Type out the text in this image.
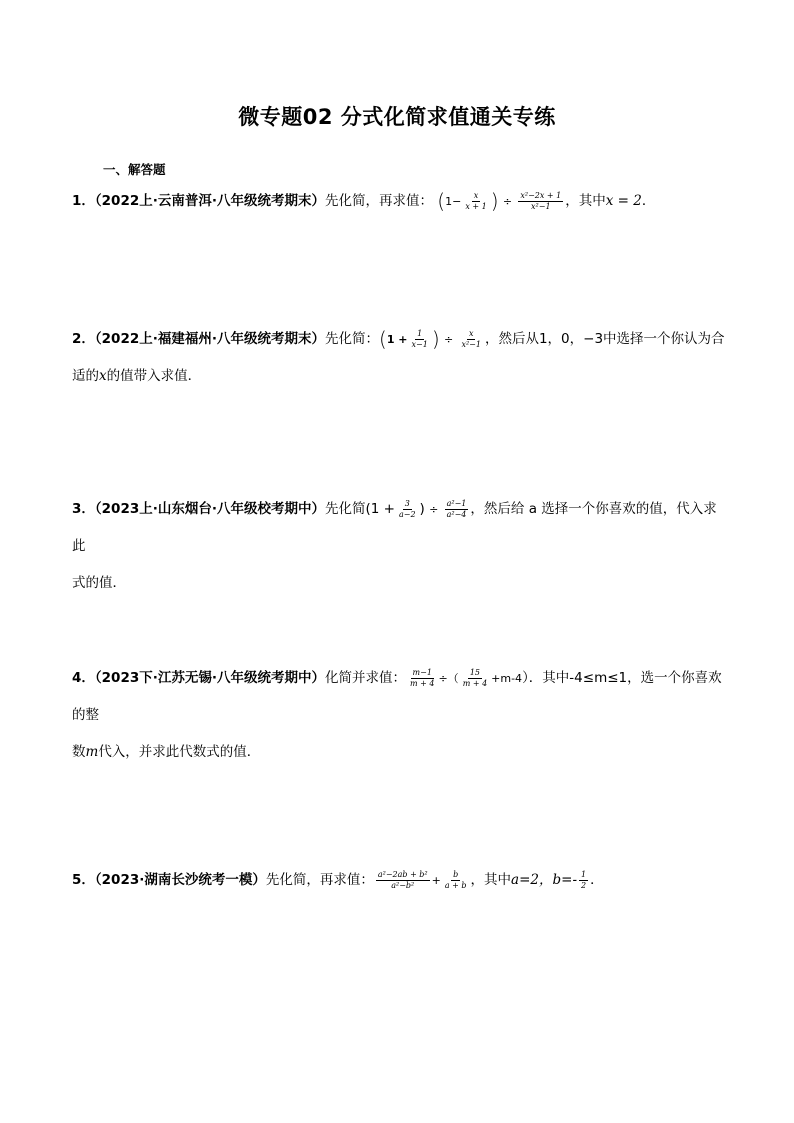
微专题02 分式化简求值通关专练
一、解答题
1．（2022上·云南普洱·八年级统考期末）先化简，再求值： ($1- \frac{x}{x + 1}$ ) ÷ $\frac{\text{x²−2x + 1}}{\text{x²−1}}$ ，其中x = 2．
2．（2022上·福建福州·八年级统考期末）先化简：($1 + \frac{1}{x-1}$ ) ÷ $\frac{x}{\text{x²−1}}$ ，然后从1，0，−3中选择一个你认为合
适的x的值带入求值．
3．（2023上·山东烟台·八年级校考期中）先化简($1 + \frac{3}{a-2}$ ) ÷ $\frac{\text{a²−1}}{\text{a²−4}}$ ，然后给 a 选择一个你喜欢的值，代入求此
式的值．
4．（2023下·江苏无锡·八年级统考期中）化简并求值： $\frac{m-1}{m + 4}$ ÷（ $\frac{15}{m + 4} +m-4$）．其中-4≤m≤1，选一个你喜欢的整
数m代入，并求此代数式的值．
5．（2023·湖南长沙统考一模）先化简，再求值： $\frac{\text{a²−2ab + b²}}{\text{a²−b²}} + \frac{b}{a + b}$ ，其中a=2，$b=- \frac{1}{2}$ ．
